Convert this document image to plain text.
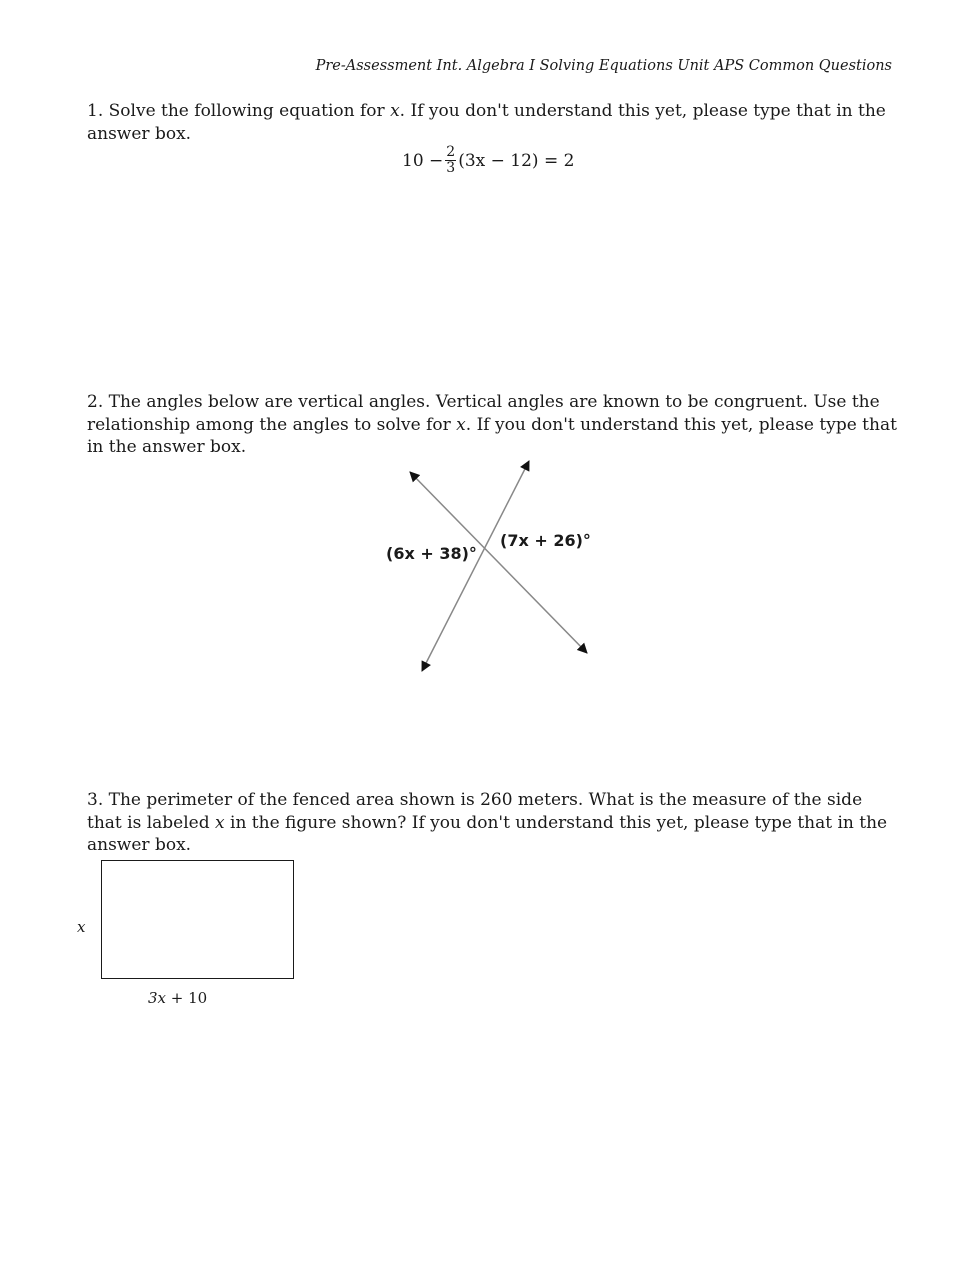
Pre-Assessment Int. Algebra I Solving Equations Unit APS Common Questions
1. Solve the following equation for x. If you don't understand this yet, please type that in the answer box.
$10 - \frac{2}{3} (3x - 12) = 2$
2. The angles below are vertical angles. Vertical angles are known to be congruent. Use the relationship among the angles to solve for x. If you don't understand this yet, please type that in the answer box.
(6x + 38)°
(7x + 26)°
3. The perimeter of the fenced area shown is 260 meters. What is the measure of the side that is labeled x in the figure shown? If you don't understand this yet, please type that in the answer box.
x
3x + 10
